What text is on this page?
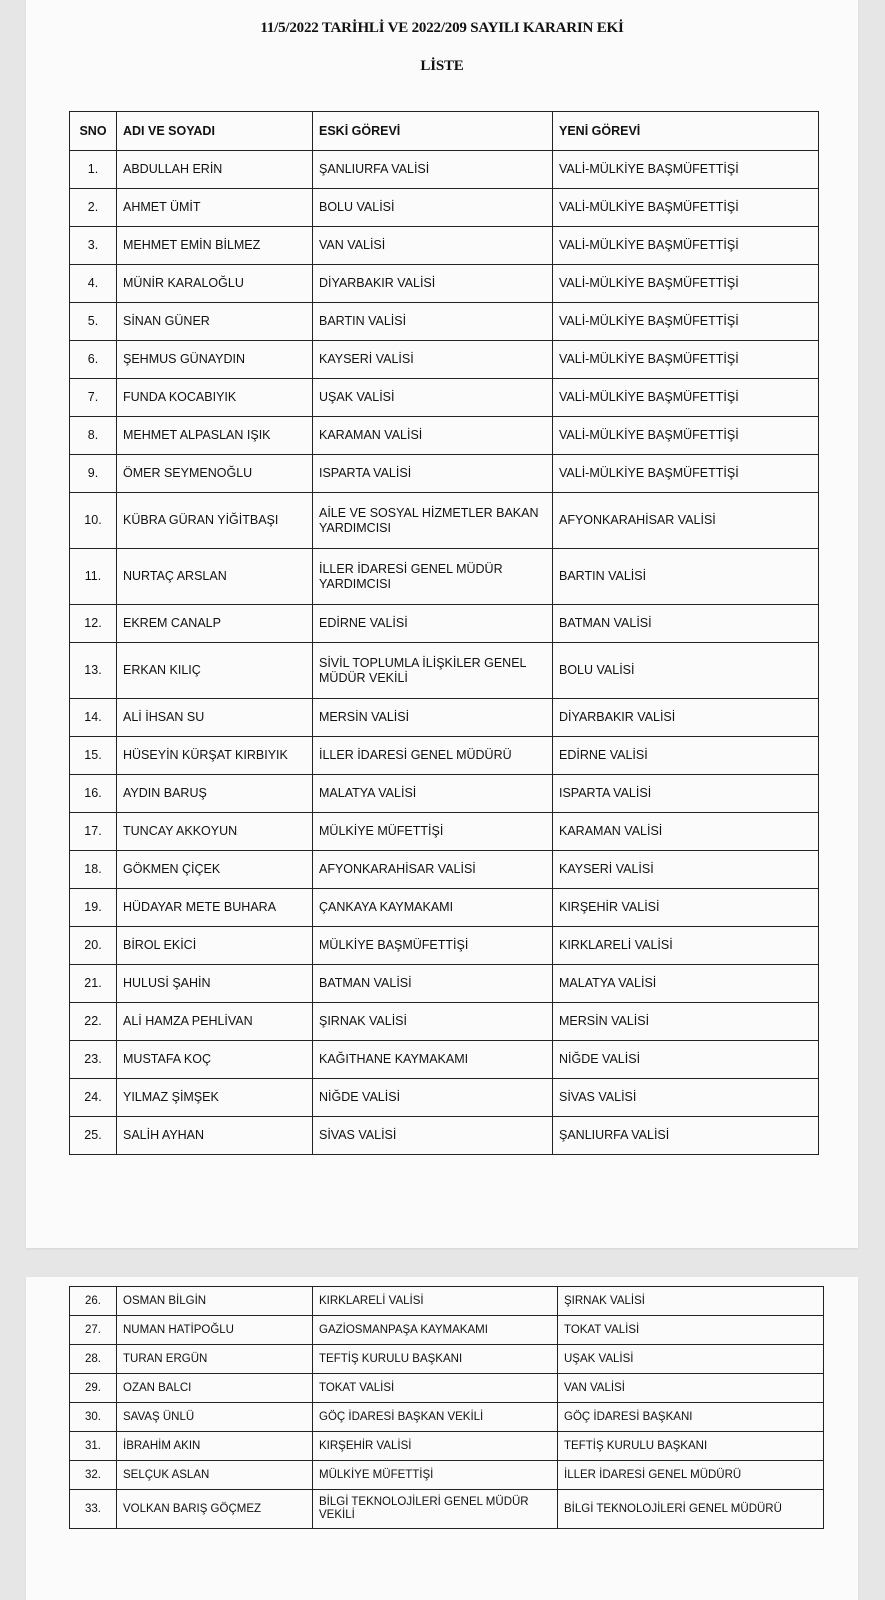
11/5/2022 TARİHLİ VE 2022/209 SAYILI KARARIN EKİ
LİSTE
SNO	ADI VE SOYADI	ESKİ GÖREVİ	YENİ GÖREVİ
1.	ABDULLAH ERİN	ŞANLIURFA VALİSİ	VALİ-MÜLKİYE BAŞMÜFETTİŞİ
2.	AHMET ÜMİT	BOLU VALİSİ	VALİ-MÜLKİYE BAŞMÜFETTİŞİ
3.	MEHMET EMİN BİLMEZ	VAN VALİSİ	VALİ-MÜLKİYE BAŞMÜFETTİŞİ
4.	MÜNİR KARALOĞLU	DİYARBAKIR VALİSİ	VALİ-MÜLKİYE BAŞMÜFETTİŞİ
5.	SİNAN GÜNER	BARTIN VALİSİ	VALİ-MÜLKİYE BAŞMÜFETTİŞİ
6.	ŞEHMUS GÜNAYDIN	KAYSERİ VALİSİ	VALİ-MÜLKİYE BAŞMÜFETTİŞİ
7.	FUNDA KOCABIYIK	UŞAK VALİSİ	VALİ-MÜLKİYE BAŞMÜFETTİŞİ
8.	MEHMET ALPASLAN IŞIK	KARAMAN VALİSİ	VALİ-MÜLKİYE BAŞMÜFETTİŞİ
9.	ÖMER SEYMENOĞLU	ISPARTA VALİSİ	VALİ-MÜLKİYE BAŞMÜFETTİŞİ
10.	KÜBRA GÜRAN YİĞİTBAŞI	AİLE VE SOSYAL HİZMETLER BAKAN YARDIMCISI	AFYONKARAHİSAR VALİSİ
11.	NURTAÇ ARSLAN	İLLER İDARESİ GENEL MÜDÜR YARDIMCISI	BARTIN VALİSİ
12.	EKREM CANALP	EDİRNE VALİSİ	BATMAN VALİSİ
13.	ERKAN KILIÇ	SİVİL TOPLUMLA İLİŞKİLER GENEL MÜDÜR VEKİLİ	BOLU VALİSİ
14.	ALİ İHSAN SU	MERSİN VALİSİ	DİYARBAKIR VALİSİ
15.	HÜSEYİN KÜRŞAT KIRBIYIK	İLLER İDARESİ GENEL MÜDÜRÜ	EDİRNE VALİSİ
16.	AYDIN BARUŞ	MALATYA VALİSİ	ISPARTA VALİSİ
17.	TUNCAY AKKOYUN	MÜLKİYE MÜFETTİŞİ	KARAMAN VALİSİ
18.	GÖKMEN ÇİÇEK	AFYONKARAHİSAR VALİSİ	KAYSERİ VALİSİ
19.	HÜDAYAR METE BUHARA	ÇANKAYA KAYMAKAMI	KIRŞEHİR VALİSİ
20.	BİROL EKİCİ	MÜLKİYE BAŞMÜFETTİŞİ	KIRKLARELİ VALİSİ
21.	HULUSİ ŞAHİN	BATMAN VALİSİ	MALATYA VALİSİ
22.	ALİ HAMZA PEHLİVAN	ŞIRNAK VALİSİ	MERSİN VALİSİ
23.	MUSTAFA KOÇ	KAĞITHANE KAYMAKAMI	NİĞDE VALİSİ
24.	YILMAZ ŞİMŞEK	NİĞDE VALİSİ	SİVAS VALİSİ
25.	SALİH AYHAN	SİVAS VALİSİ	ŞANLIURFA VALİSİ
26.	OSMAN BİLGİN	KIRKLARELİ VALİSİ	ŞIRNAK VALİSİ
27.	NUMAN HATİPOĞLU	GAZİOSMANPAŞA KAYMAKAMI	TOKAT VALİSİ
28.	TURAN ERGÜN	TEFTİŞ KURULU BAŞKANI	UŞAK VALİSİ
29.	OZAN BALCI	TOKAT VALİSİ	VAN VALİSİ
30.	SAVAŞ ÜNLÜ	GÖÇ İDARESİ BAŞKAN VEKİLİ	GÖÇ İDARESİ BAŞKANI
31.	İBRAHİM AKIN	KIRŞEHİR VALİSİ	TEFTİŞ KURULU BAŞKANI
32.	SELÇUK ASLAN	MÜLKİYE MÜFETTİŞİ	İLLER İDARESİ GENEL MÜDÜRÜ
33.	VOLKAN BARIŞ GÖÇMEZ	BİLGİ TEKNOLOJİLERİ GENEL MÜDÜR VEKİLİ	BİLGİ TEKNOLOJİLERİ GENEL MÜDÜRÜ
